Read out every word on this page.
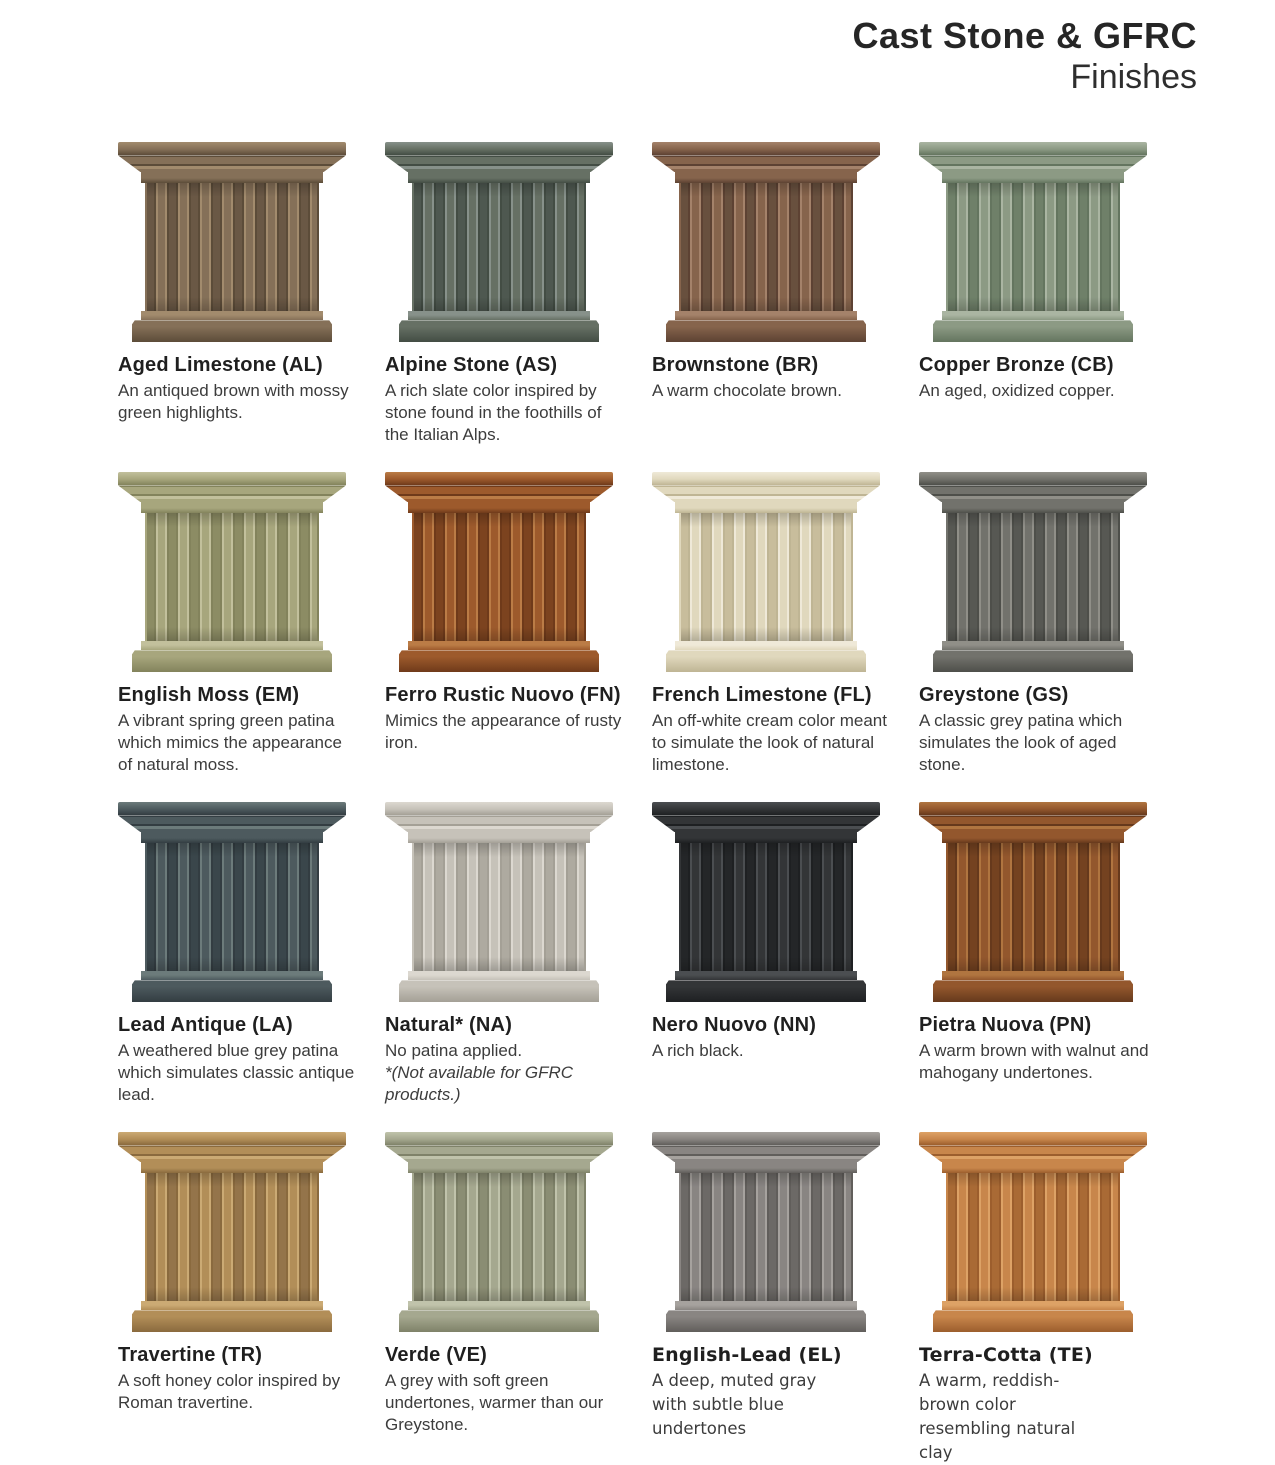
Cast Stone & GFRC
Finishes
Aged Limestone (AL)

An antiqued brown with mossy green highlights.

Alpine Stone (AS)

A rich slate color inspired by stone found in the foothills of the Italian Alps.

Brownstone (BR)

A warm chocolate brown.

Copper Bronze (CB)

An aged, oxidized copper.

English Moss (EM)

A vibrant spring green patina which mimics the appearance of natural moss.

Ferro Rustic Nuovo (FN)

Mimics the appearance of rusty iron.

French Limestone (FL)

An off-white cream color meant to simulate the look of natural limestone.

Greystone (GS)

A classic grey patina which simulates the look of aged stone.

Lead Antique (LA)

A weathered blue grey patina which simulates classic antique lead.

Natural* (NA)

No patina applied.

*(Not available for GFRC products.)

Nero Nuovo (NN)

A rich black.

Pietra Nuova (PN)

A warm brown with walnut and mahogany undertones.

Travertine (TR)

A soft honey color inspired by Roman travertine.

Verde (VE)

A grey with soft green undertones, warmer than our Greystone.

English-Lead (EL)

A deep, muted gray with subtle blue undertones

Terra-Cotta (TE)

A warm, reddish-brown color resembling natural clay
